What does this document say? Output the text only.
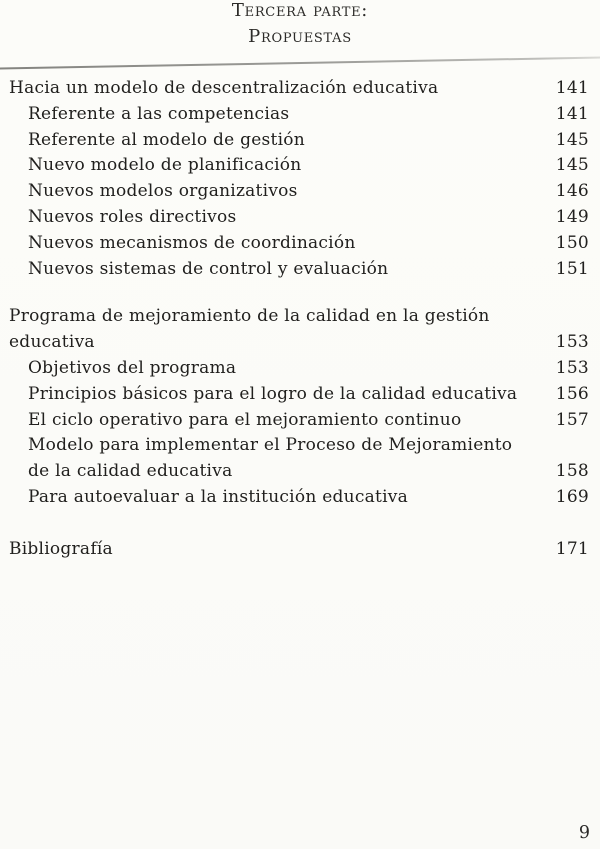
Tercera parte:
Propuestas
Hacia un modelo de descentralización educativa	141
Referente a las competencias	141
Referente al modelo de gestión	145
Nuevo modelo de planificación	145
Nuevos modelos organizativos	146
Nuevos roles directivos	149
Nuevos mecanismos de coordinación	150
Nuevos sistemas de control y evaluación	151
Programa de mejoramiento de la calidad en la gestión
educativa	153
Objetivos del programa	153
Principios básicos para el logro de la calidad educativa	156
El ciclo operativo para el mejoramiento continuo	157
Modelo para implementar el Proceso de Mejoramiento
de la calidad educativa	158
Para autoevaluar a la institución educativa	169
Bibliografía	171
9
